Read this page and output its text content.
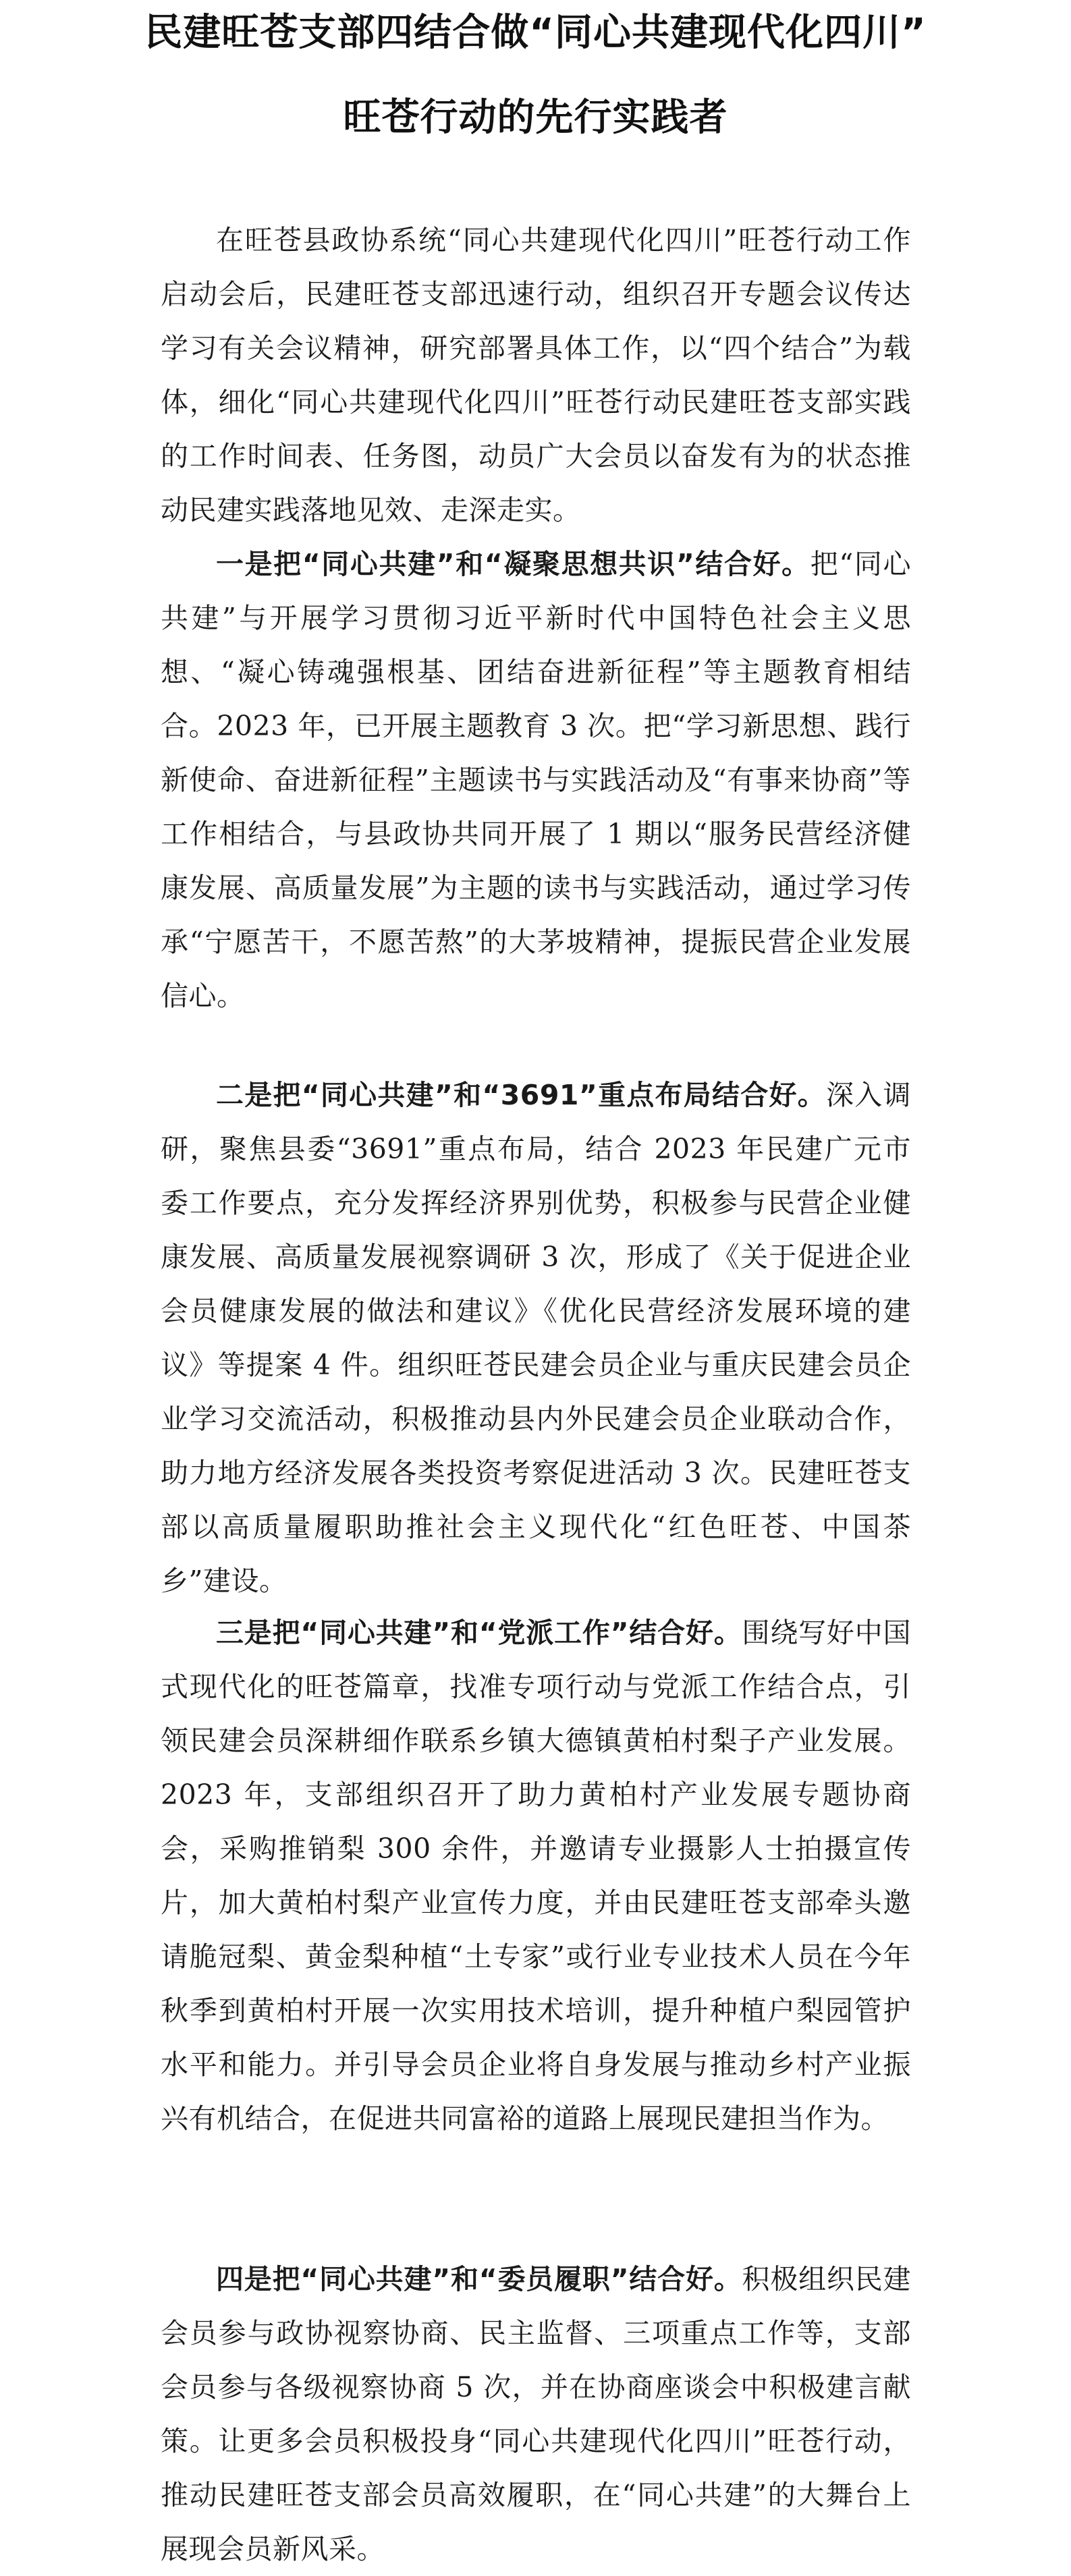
民建旺苍支部四结合做“同心共建现代化四川”
旺苍行动的先行实践者

在旺苍县政协系统“同心共建现代化四川”旺苍行动工作启动会后，民建旺苍支部迅速行动，组织召开专题会议传达学习有关会议精神，研究部署具体工作，以“四个结合”为载体，细化“同心共建现代化四川”旺苍行动民建旺苍支部实践的工作时间表、任务图，动员广大会员以奋发有为的状态推动民建实践落地见效、走深走实。

一是把“同心共建”和“凝聚思想共识”结合好。把“同心共建”与开展学习贯彻习近平新时代中国特色社会主义思想、“凝心铸魂强根基、团结奋进新征程”等主题教育相结合。2023 年，已开展主题教育 3 次。把“学习新思想、践行新使命、奋进新征程”主题读书与实践活动及“有事来协商”等工作相结合，与县政协共同开展了 1 期以“服务民营经济健康发展、高质量发展”为主题的读书与实践活动，通过学习传承“宁愿苦干，不愿苦熬”的大茅坡精神，提振民营企业发展信心。

二是把“同心共建”和“3691”重点布局结合好。深入调研，聚焦县委“3691”重点布局，结合 2023 年民建广元市委工作要点，充分发挥经济界别优势，积极参与民营企业健康发展、高质量发展视察调研 3 次，形成了《关于促进企业会员健康发展的做法和建议》《优化民营经济发展环境的建议》等提案 4 件。组织旺苍民建会员企业与重庆民建会员企业学习交流活动，积极推动县内外民建会员企业联动合作，助力地方经济发展各类投资考察促进活动 3 次。民建旺苍支部以高质量履职助推社会主义现代化“红色旺苍、中国茶乡”建设。

三是把“同心共建”和“党派工作”结合好。围绕写好中国式现代化的旺苍篇章，找准专项行动与党派工作结合点，引领民建会员深耕细作联系乡镇大德镇黄柏村梨子产业发展。2023 年，支部组织召开了助力黄柏村产业发展专题协商会，采购推销梨 300 余件，并邀请专业摄影人士拍摄宣传片，加大黄柏村梨产业宣传力度，并由民建旺苍支部牵头邀请脆冠梨、黄金梨种植“土专家”或行业专业技术人员在今年秋季到黄柏村开展一次实用技术培训，提升种植户梨园管护水平和能力。并引导会员企业将自身发展与推动乡村产业振兴有机结合，在促进共同富裕的道路上展现民建担当作为。

四是把“同心共建”和“委员履职”结合好。积极组织民建会员参与政协视察协商、民主监督、三项重点工作等，支部会员参与各级视察协商 5 次，并在协商座谈会中积极建言献策。让更多会员积极投身“同心共建现代化四川”旺苍行动，推动民建旺苍支部会员高效履职，在“同心共建”的大舞台上展现会员新风采。
